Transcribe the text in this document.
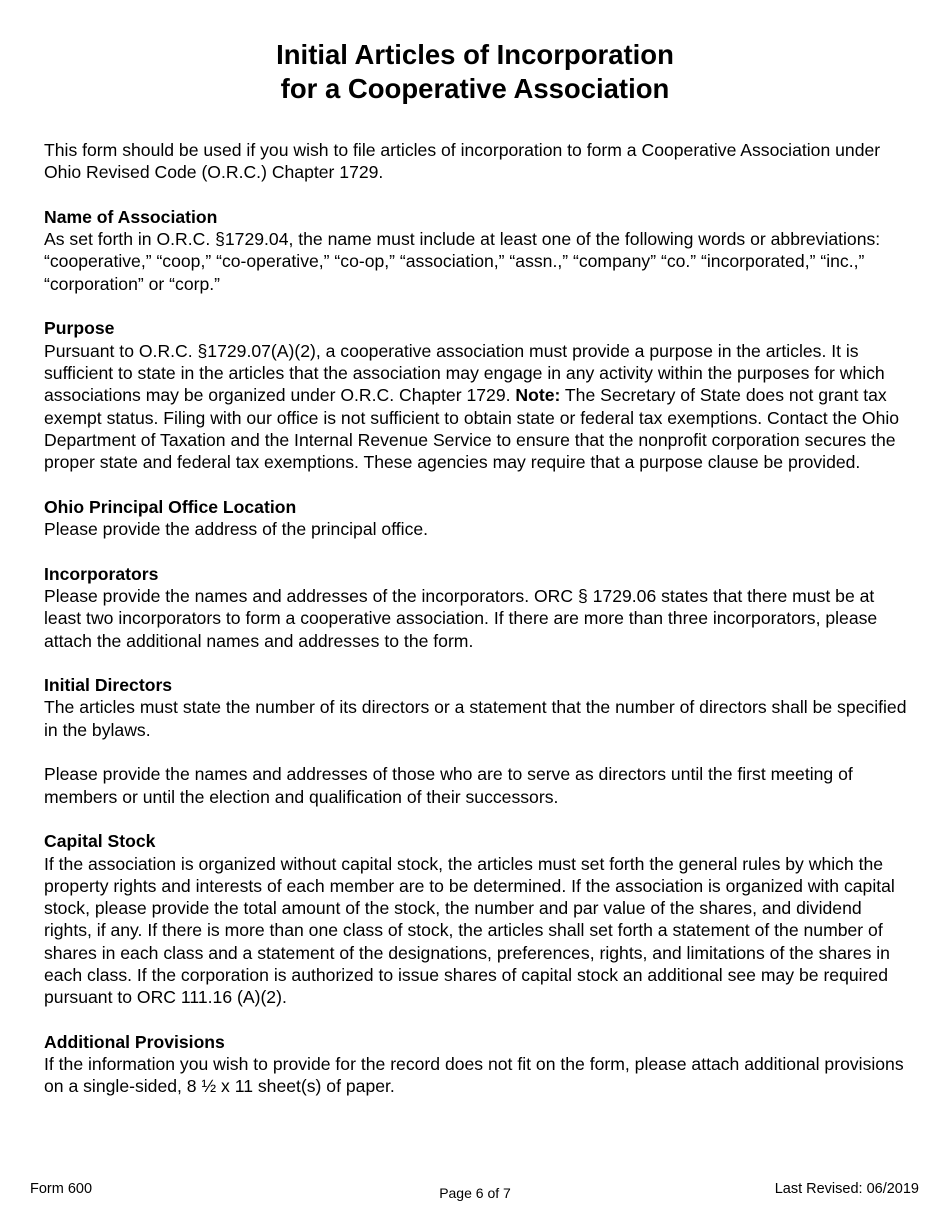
Initial Articles of Incorporation
for a Cooperative Association

This form should be used if you wish to file articles of incorporation to form a Cooperative Association under Ohio Revised Code (O.R.C.) Chapter 1729.

Name of Association
As set forth in O.R.C. §1729.04, the name must include at least one of the following words or abbreviations: “cooperative,” “coop,” “co-operative,” “co-op,” “association,” “assn.,” “company” “co.” “incorporated,” “inc.,” “corporation” or “corp.”
Purpose
Pursuant to O.R.C. §1729.07(A)(2), a cooperative association must provide a purpose in the articles. It is sufficient to state in the articles that the association may engage in any activity within the purposes for which associations may be organized under O.R.C. Chapter 1729. Note: The Secretary of State does not grant tax exempt status. Filing with our office is not sufficient to obtain state or federal tax exemptions. Contact the Ohio Department of Taxation and the Internal Revenue Service to ensure that the nonprofit corporation secures the proper state and federal tax exemptions. These agencies may require that a purpose clause be provided.
Ohio Principal Office Location
Please provide the address of the principal office.
Incorporators
Please provide the names and addresses of the incorporators. ORC § 1729.06 states that there must be at least two incorporators to form a cooperative association. If there are more than three incorporators, please attach the additional names and addresses to the form.
Initial Directors

The articles must state the number of its directors or a statement that the number of directors shall be specified in the bylaws.

Please provide the names and addresses of those who are to serve as directors until the first meeting of members or until the election and qualification of their successors.

Capital Stock
If the association is organized without capital stock, the articles must set forth the general rules by which the property rights and interests of each member are to be determined. If the association is organized with capital stock, please provide the total amount of the stock, the number and par value of the shares, and dividend rights, if any. If there is more than one class of stock, the articles shall set forth a statement of the number of shares in each class and a statement of the designations, preferences, rights, and limitations of the shares in each class. If the corporation is authorized to issue shares of capital stock an additional see may be required pursuant to ORC 111.16 (A)(2).
Additional Provisions
If the information you wish to provide for the record does not fit on the form, please attach additional provisions on a single-sided, 8 ½ x 11 sheet(s) of paper.
Form 600	Page 6 of 7	Last Revised: 06/2019
